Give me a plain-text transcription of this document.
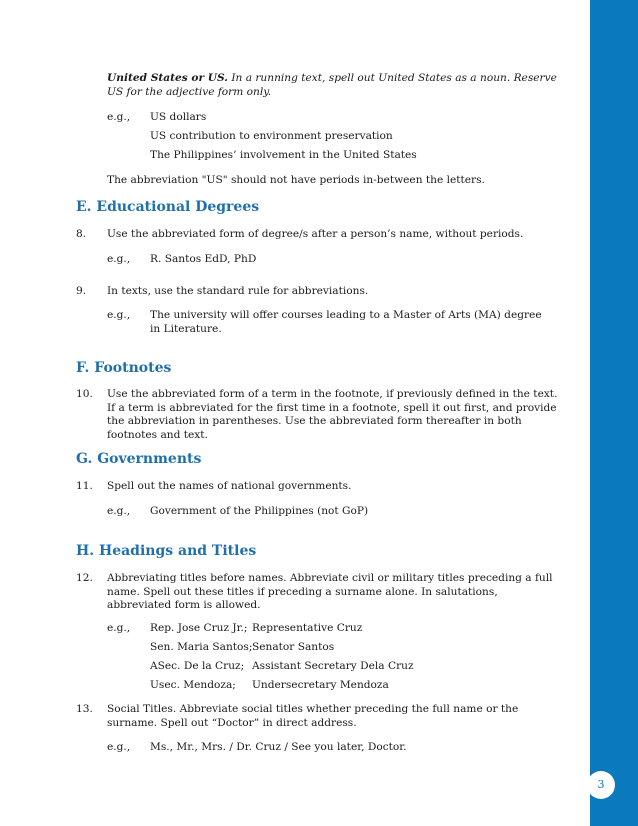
3
United States or US. In a running text, spell out United States as a noun. Reserve US for the adjective form only.
e.g., US dollars
US contribution to environment preservation
The Philippines’ involvement in the United States
The abbreviation "US" should not have periods in-between the letters.
E. Educational Degrees
8. Use the abbreviated form of degree/s after a person’s name, without periods.
e.g., R. Santos EdD, PhD
9. In texts, use the standard rule for abbreviations.
e.g., The university will offer courses leading to a Master of Arts (MA) degree in Literature.
F. Footnotes
10. Use the abbreviated form of a term in the footnote, if previously defined in the text. If a term is abbreviated for the first time in a footnote, spell it out first, and provide the abbreviation in parentheses. Use the abbreviated form thereafter in both footnotes and text.
G. Governments
11. Spell out the names of national governments.
e.g., Government of the Philippines (not GoP)
H. Headings and Titles
12. Abbreviating titles before names. Abbreviate civil or military titles preceding a full name. Spell out these titles if preceding a surname alone. In salutations, abbreviated form is allowed.
e.g., Rep. Jose Cruz Jr.; Representative Cruz
Sen. Maria Santos; Senator Santos
ASec. De la Cruz; Assistant Secretary Dela Cruz
Usec. Mendoza; Undersecretary Mendoza
13. Social Titles. Abbreviate social titles whether preceding the full name or the surname. Spell out “Doctor” in direct address.
e.g., Ms., Mr., Mrs. / Dr. Cruz / See you later, Doctor.
